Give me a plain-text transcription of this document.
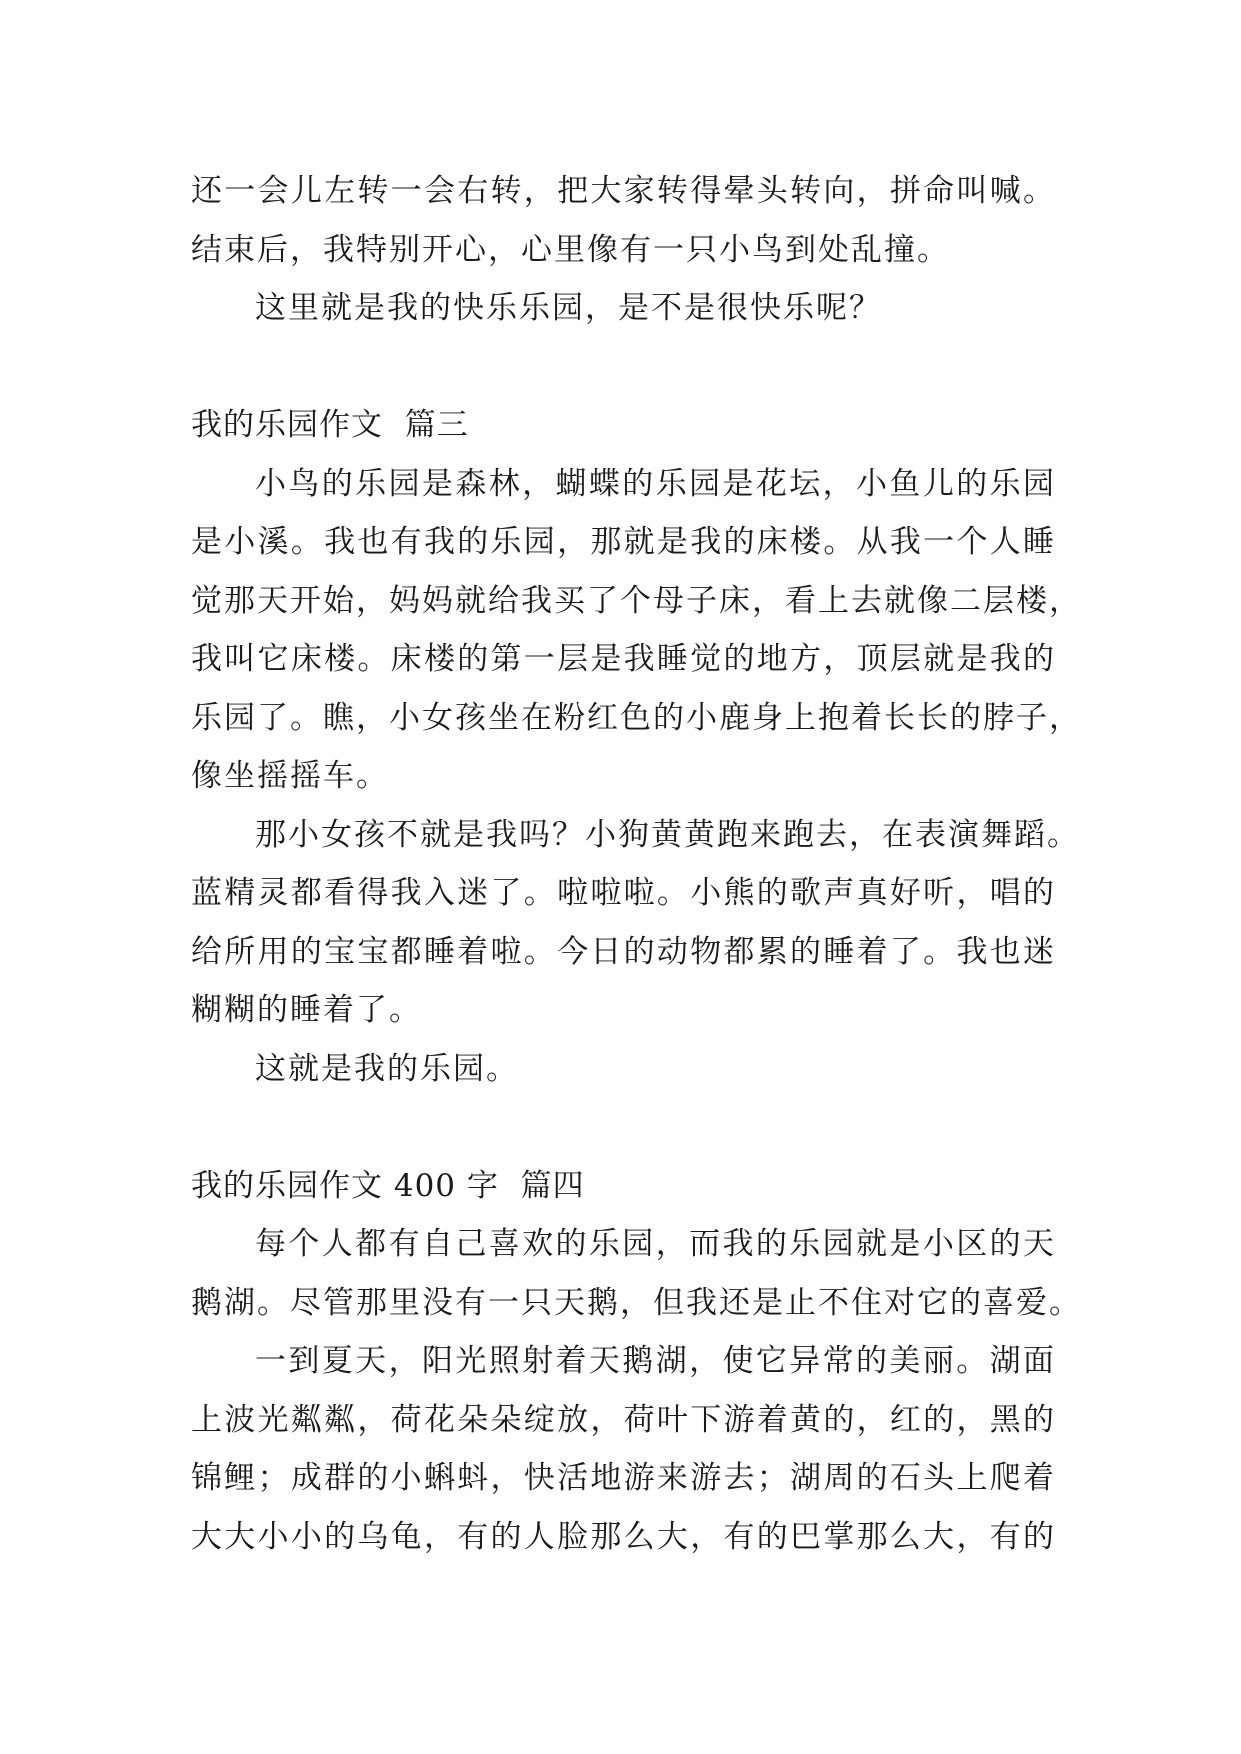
还一会儿左转一会右转，把大家转得晕头转向，拼命叫喊。
结束后，我特别开心，心里像有一只小鸟到处乱撞。
这里就是我的快乐乐园，是不是很快乐呢？
我的乐园作文  篇三
小鸟的乐园是森林，蝴蝶的乐园是花坛，小鱼儿的乐园
是小溪。我也有我的乐园，那就是我的床楼。从我一个人睡
觉那天开始，妈妈就给我买了个母子床，看上去就像二层楼，
我叫它床楼。床楼的第一层是我睡觉的地方，顶层就是我的
乐园了。瞧，小女孩坐在粉红色的小鹿身上抱着长长的脖子，
像坐摇摇车。
那小女孩不就是我吗？小狗黄黄跑来跑去，在表演舞蹈。
蓝精灵都看得我入迷了。啦啦啦。小熊的歌声真好听，唱的
给所用的宝宝都睡着啦。今日的动物都累的睡着了。我也迷
糊糊的睡着了。
这就是我的乐园。
我的乐园作文 400 字  篇四
每个人都有自己喜欢的乐园，而我的乐园就是小区的天
鹅湖。尽管那里没有一只天鹅，但我还是止不住对它的喜爱。
一到夏天，阳光照射着天鹅湖，使它异常的美丽。湖面
上波光粼粼，荷花朵朵绽放，荷叶下游着黄的，红的，黑的
锦鲤；成群的小蝌蚪，快活地游来游去；湖周的石头上爬着
大大小小的乌龟，有的人脸那么大，有的巴掌那么大，有的
